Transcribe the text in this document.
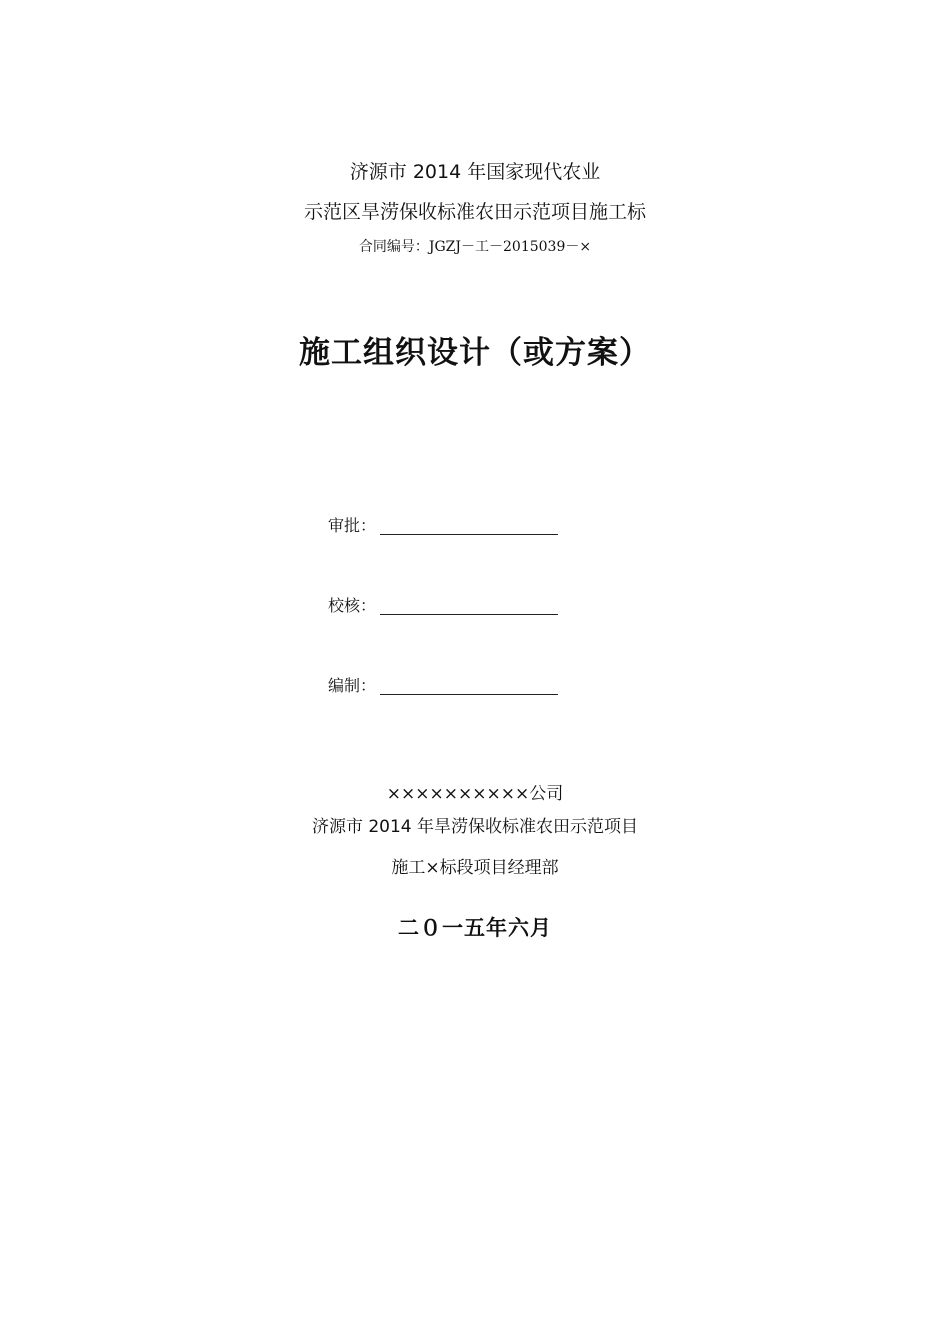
济源市 2014 年国家现代农业
示范区旱涝保收标准农田示范项目施工标
合同编号：JGZJ－工－2015039－×
施工组织设计（或方案）
审批：
校核：
编制：
××××××××××公司
济源市 2014 年旱涝保收标准农田示范项目
施工×标段项目经理部
二０一五年六月
